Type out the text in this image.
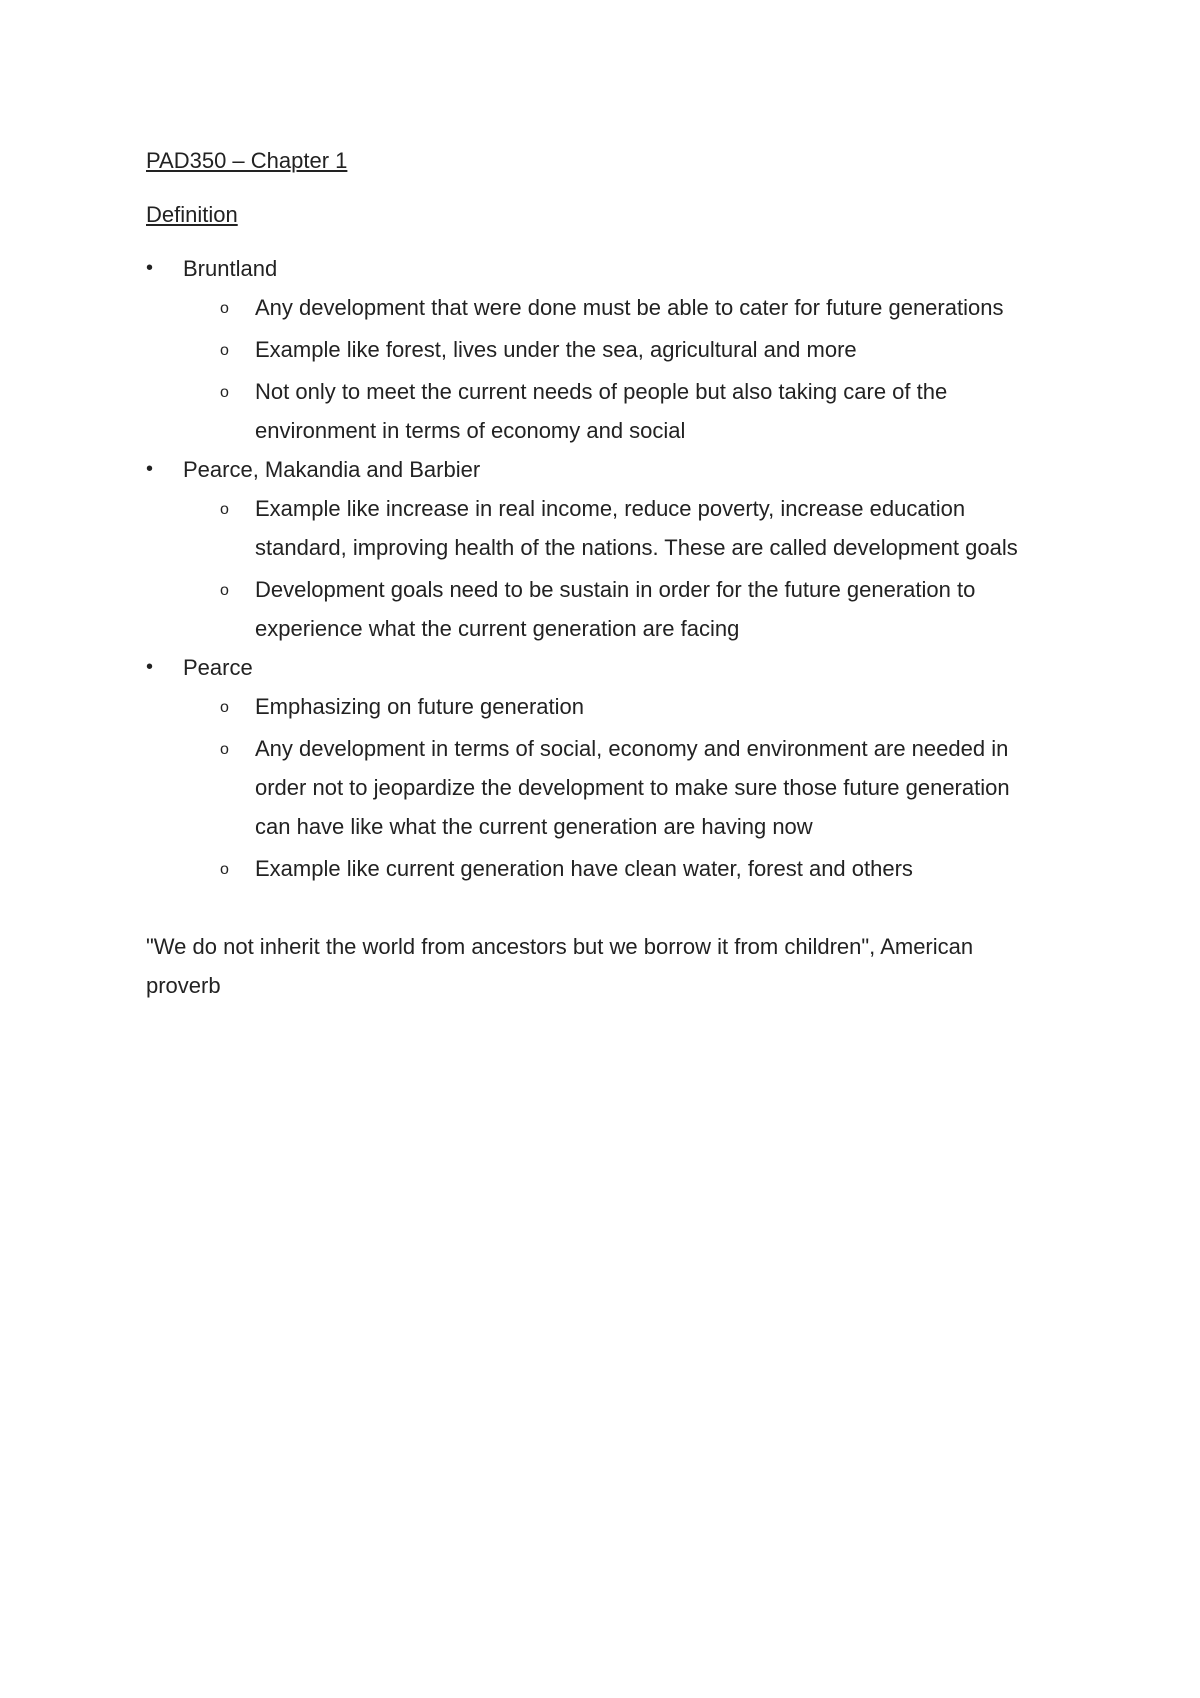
PAD350 – Chapter 1
Definition
•	Bruntland
o Any development that were done must be able to cater for future generations
o Example like forest, lives under the sea, agricultural and more
o Not only to meet the current needs of people but also taking care of the environment in terms of economy and social
•	Pearce, Makandia and Barbier
o Example like increase in real income, reduce poverty, increase education standard, improving health of the nations. These are called development goals
o Development goals need to be sustain in order for the future generation to experience what the current generation are facing
•	Pearce
o Emphasizing on future generation
o Any development in terms of social, economy and environment are needed in order not to jeopardize the development to make sure those future generation can have like what the current generation are having now
o Example like current generation have clean water, forest and others
"We do not inherit the world from ancestors but we borrow it from children", American proverb
